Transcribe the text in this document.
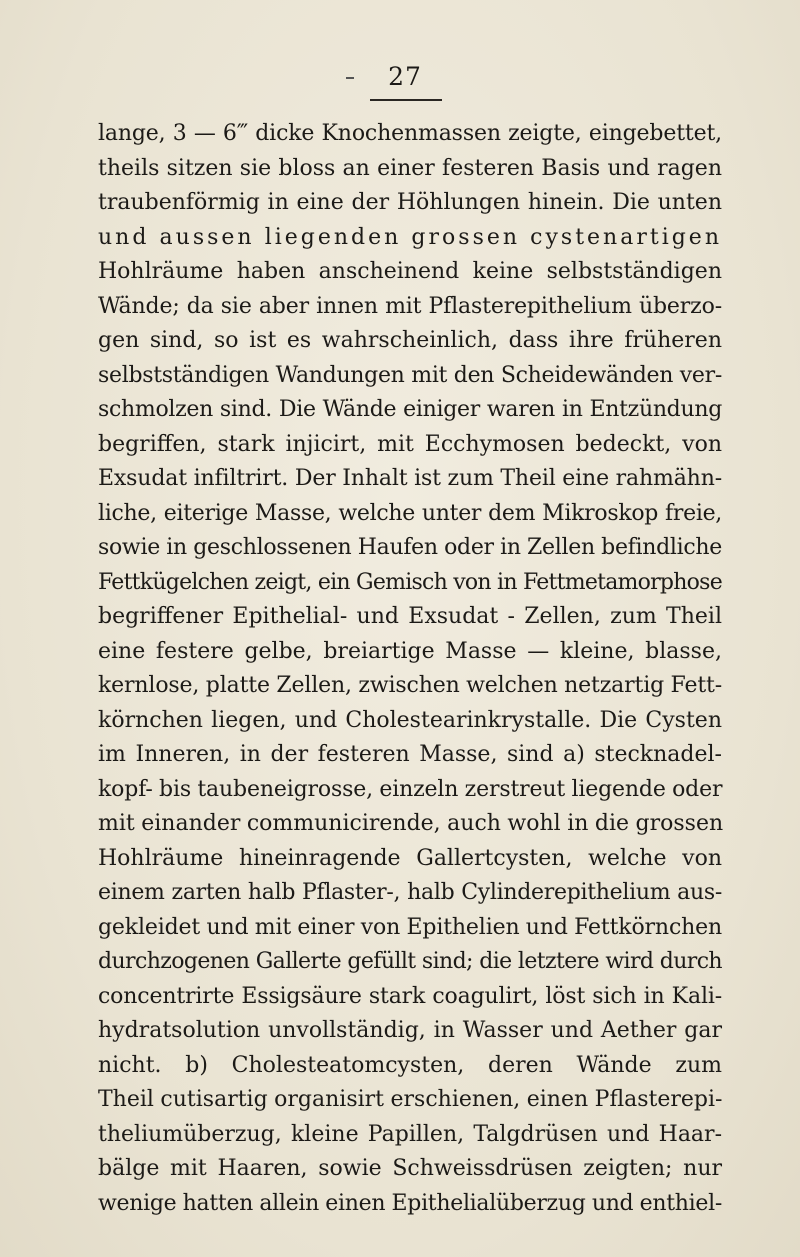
27
lange, 3 — 6‴ dicke Knochenmassen zeigte, eingebettet,
theils sitzen sie bloss an einer festeren Basis und ragen
traubenförmig in eine der Höhlungen hinein. Die unten
und aussen liegenden grossen cystenartigen
Hohlräume haben anscheinend keine selbstständigen
Wände; da sie aber innen mit Pflasterepithelium überzo-
gen sind, so ist es wahrscheinlich, dass ihre früheren
selbstständigen Wandungen mit den Scheidewänden ver-
schmolzen sind. Die Wände einiger waren in Entzündung
begriffen, stark injicirt, mit Ecchymosen bedeckt, von
Exsudat infiltrirt. Der Inhalt ist zum Theil eine rahmähn-
liche, eiterige Masse, welche unter dem Mikroskop freie,
sowie in geschlossenen Haufen oder in Zellen befindliche
Fettkügelchen zeigt, ein Gemisch von in Fettmetamorphose
begriffener Epithelial- und Exsudat - Zellen, zum Theil
eine festere gelbe, breiartige Masse — kleine, blasse,
kernlose, platte Zellen, zwischen welchen netzartig Fett-
körnchen liegen, und Cholestearinkrystalle. Die Cysten
im Inneren, in der festeren Masse, sind a) stecknadel-
kopf- bis taubeneigrosse, einzeln zerstreut liegende oder
mit einander communicirende, auch wohl in die grossen
Hohlräume hineinragende Gallertcysten, welche von
einem zarten halb Pflaster-, halb Cylinderepithelium aus-
gekleidet und mit einer von Epithelien und Fettkörnchen
durchzogenen Gallerte gefüllt sind; die letztere wird durch
concentrirte Essigsäure stark coagulirt, löst sich in Kali-
hydratsolution unvollständig, in Wasser und Aether gar
nicht. b) Cholesteatomcysten, deren Wände zum
Theil cutisartig organisirt erschienen, einen Pflasterepi-
theliumüberzug, kleine Papillen, Talgdrüsen und Haar-
bälge mit Haaren, sowie Schweissdrüsen zeigten; nur
wenige hatten allein einen Epithelialüberzug und enthiel-
